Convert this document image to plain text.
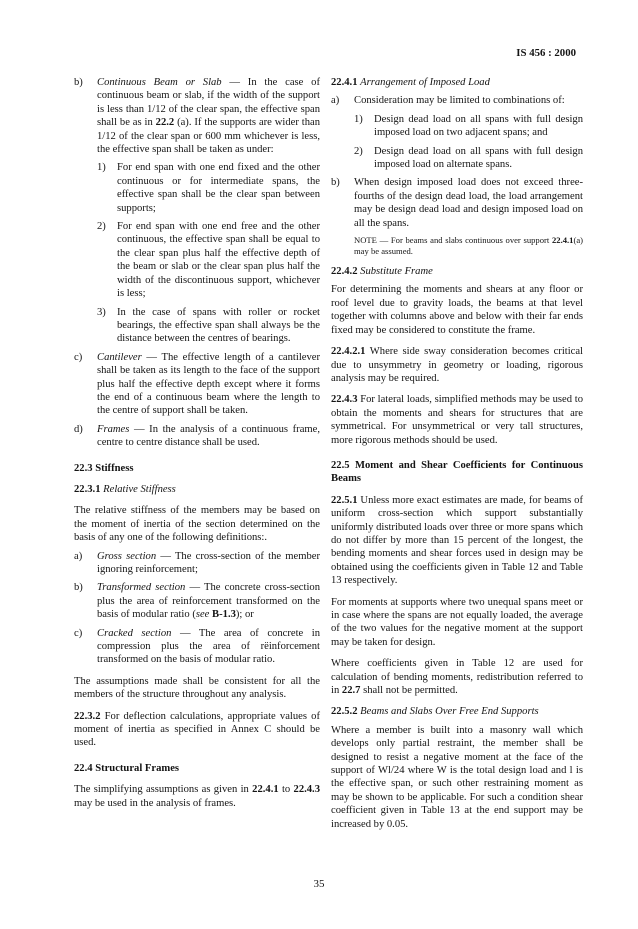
IS 456 : 2000
b)	Continuous Beam or Slab — In the case of continuous beam or slab, if the width of the support is less than 1/12 of the clear span, the effective span shall be as in 22.2 (a). If the supports are wider than 1/12 of the clear span or 600 mm whichever is less, the effective span shall be taken as under:

1)	For end span with one end fixed and the other continuous or for intermediate spans, the effective span shall be the clear span between supports;
2)	For end span with one end free and the other continuous, the effective span shall be equal to the clear span plus half the effective depth of the beam or slab or the clear span plus half the width of the discontinuous support, whichever is less;
3)	In the case of spans with roller or rocket bearings, the effective span shall always be the distance between the centres of bearings.
c)	Cantilever — The effective length of a cantilever shall be taken as its length to the face of the support plus half the effective depth except where it forms the end of a continuous beam where the length to the centre of support shall be taken.

d)	Frames — In the analysis of a continuous frame, centre to centre distance shall be used.

22.3 Stiffness

22.3.1 Relative Stiffness

The relative stiffness of the members may be based on the moment of inertia of the section determined on the basis of any one of the following definitions:.

a)	Gross section — The cross-section of the member ignoring reinforcement;

b)	Transformed section — The concrete cross-section plus the area of reinforcement transformed on the basis of modular ratio (see B-1.3); or

c)	Cracked section — The area of concrete in compression plus the area of rëinforcement transformed on the basis of modular ratio.

The assumptions made shall be consistent for all the members of the structure throughout any analysis.

22.3.2 For deflection calculations, appropriate values of moment of inertia as specified in Annex C should be used.

22.4 Structural Frames

The simplifying assumptions as given in 22.4.1 to 22.4.3 may be used in the analysis of frames.

22.4.1 Arrangement of Imposed Load

a)	Consideration may be limited to combinations of:
1)	Design dead load on all spans with full design imposed load on two adjacent spans; and
2)	Design dead load on all spans with full design imposed load on alternate spans.
b)	When design imposed load does not exceed three-fourths of the design dead load, the load arrangement may be design dead load and design imposed load on all the spans.

NOTE — For beams and slabs continuous over support 22.4.1(a) may be assumed.

22.4.2 Substitute Frame

For determining the moments and shears at any floor or roof level due to gravity loads, the beams at that level together with columns above and below with their far ends fixed may be considered to constitute the frame.

22.4.2.1 Where side sway consideration becomes critical due to unsymmetry in geometry or loading, rigorous analysis may be required.

22.4.3 For lateral loads, simplified methods may be used to obtain the moments and shears for structures that are symmetrical. For unsymmetrical or very tall structures, more rigorous methods should be used.

22.5 Moment and Shear Coefficients for Continuous Beams

22.5.1 Unless more exact estimates are made, for beams of uniform cross-section which support substantially uniformly distributed loads over three or more spans which do not differ by more than 15 percent of the longest, the bending moments and shear forces used in design may be obtained using the coefficients given in Table 12 and Table 13 respectively.

For moments at supports where two unequal spans meet or in case where the spans are not equally loaded, the average of the two values for the negative moment at the support may be taken for design.

Where coefficients given in Table 12 are used for calculation of bending moments, redistribution referred to in 22.7 shall not be permitted.

22.5.2 Beams and Slabs Over Free End Supports

Where a member is built into a masonry wall which develops only partial restraint, the member shall be designed to resist a negative moment at the face of the support of Wl/24 where W is the total design load and l is the effective span, or such other restraining moment as may be shown to be applicable. For such a condition shear coefficient given in Table 13 at the end support may be increased by 0.05.

35
